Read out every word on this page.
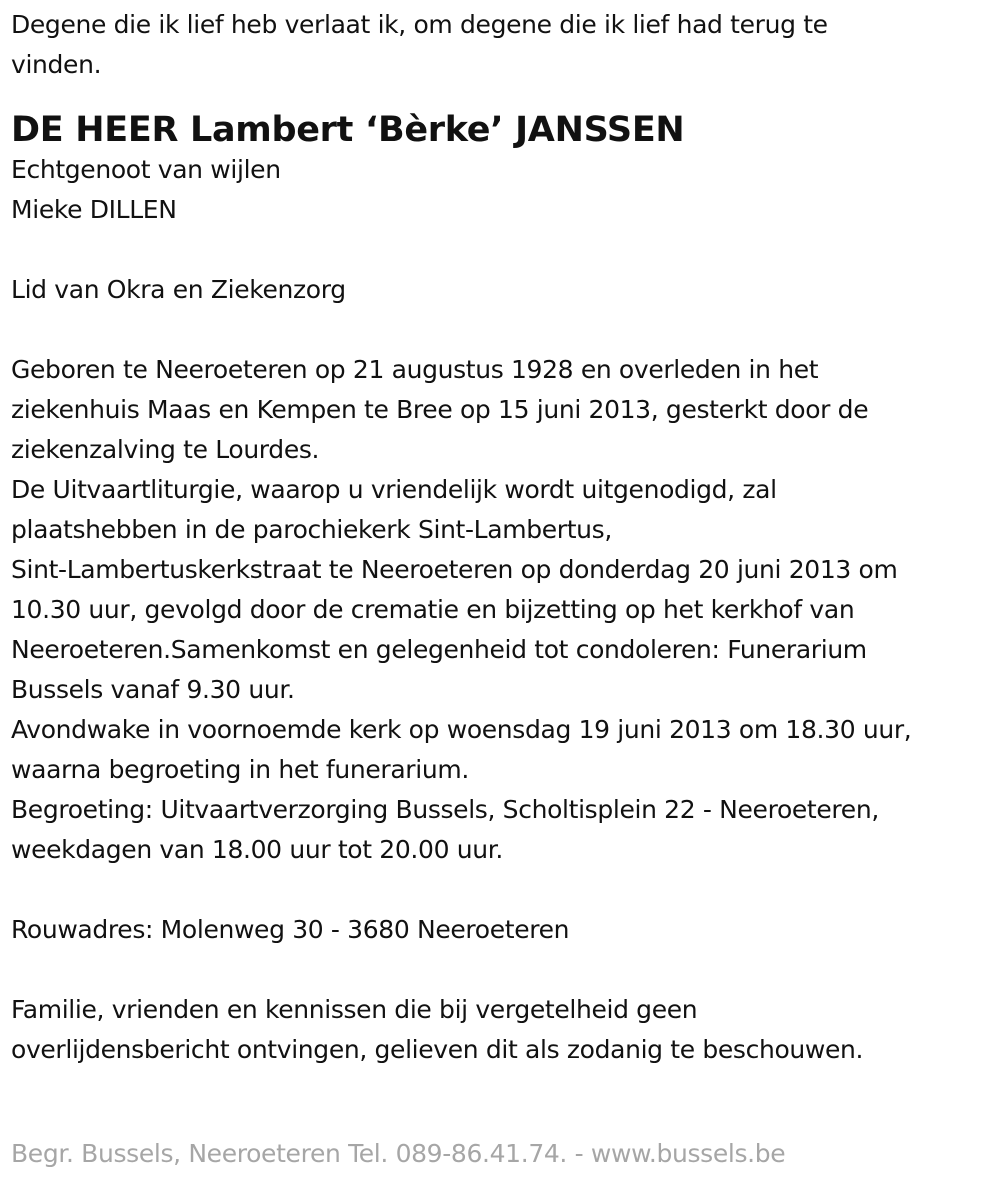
Degene die ik lief heb verlaat ik, om degene die ik lief had terug te

vinden.

DE HEER Lambert ‘Bèrke’ JANSSEN

Echtgenoot van wijlen

Mieke DILLEN

Lid van Okra en Ziekenzorg

Geboren te Neeroeteren op 21 augustus 1928 en overleden in het

ziekenhuis Maas en Kempen te Bree op 15 juni 2013, gesterkt door de

ziekenzalving te Lourdes.

De Uitvaartliturgie, waarop u vriendelijk wordt uitgenodigd, zal

plaatshebben in de parochiekerk Sint-Lambertus,

Sint-Lambertuskerkstraat te Neeroeteren op donderdag 20 juni 2013 om

10.30 uur, gevolgd door de crematie en bijzetting op het kerkhof van

Neeroeteren.Samenkomst en gelegenheid tot condoleren: Funerarium

Bussels vanaf 9.30 uur.

Avondwake in voornoemde kerk op woensdag 19 juni 2013 om 18.30 uur,

waarna begroeting in het funerarium.

Begroeting: Uitvaartverzorging Bussels, Scholtisplein 22 - Neeroeteren,

weekdagen van 18.00 uur tot 20.00 uur.

Rouwadres: Molenweg 30 - 3680 Neeroeteren

Familie, vrienden en kennissen die bij vergetelheid geen

overlijdensbericht ontvingen, gelieven dit als zodanig te beschouwen.

Begr. Bussels, Neeroeteren Tel. 089-86.41.74. - www.bussels.be
